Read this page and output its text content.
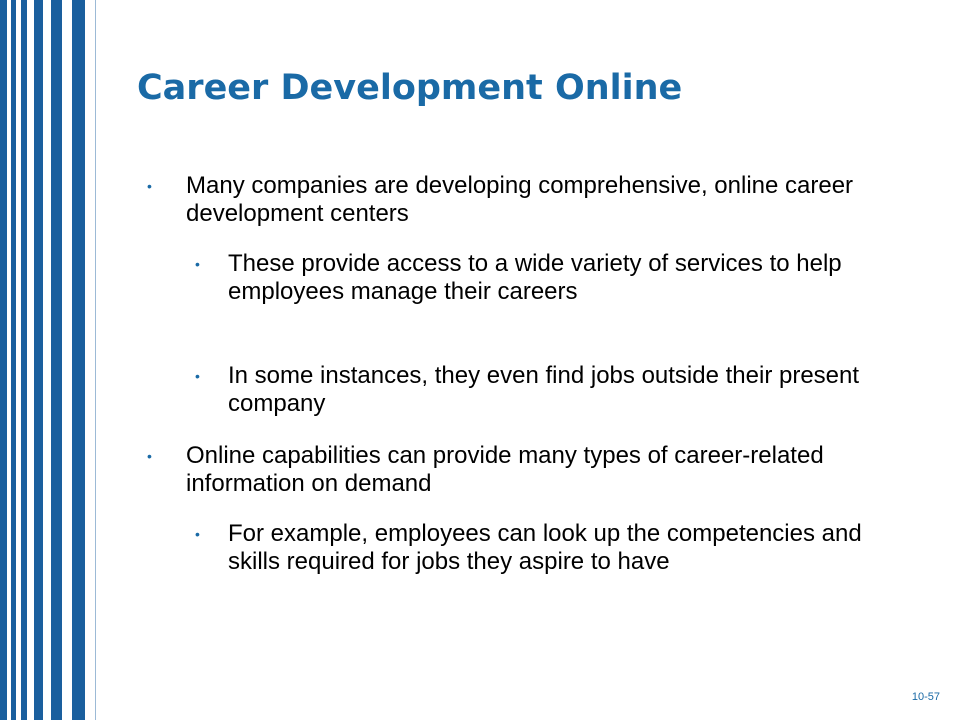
Career Development Online
• Many companies are developing comprehensive, online career development centers
• These provide access to a wide variety of services to help employees manage their careers
• In some instances, they even find jobs outside their present company
• Online capabilities can provide many types of career-related information on demand
• For example, employees can look up the competencies and skills required for jobs they aspire to have
10-57
